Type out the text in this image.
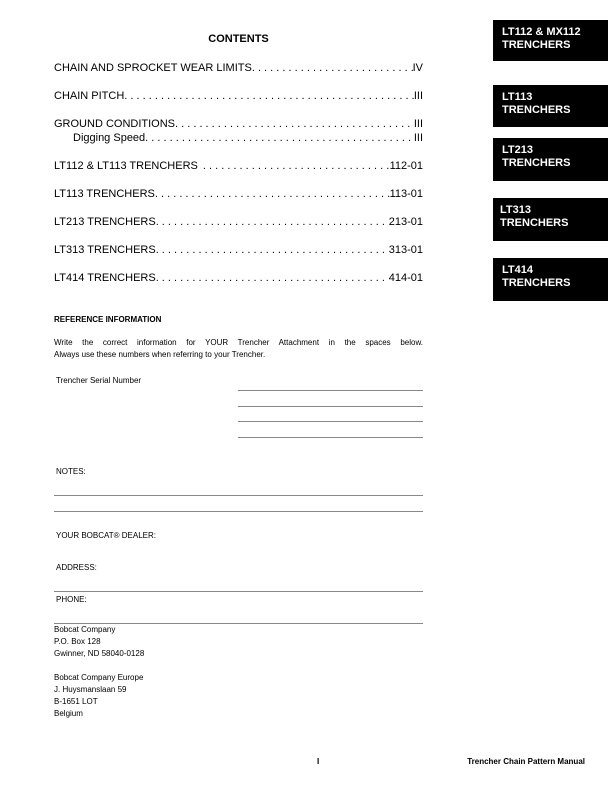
CONTENTS
CHAIN AND SPROCKET WEAR LIMITS . . .	IV
CHAIN PITCH . . .	III
GROUND CONDITIONS . . .	III
Digging Speed . . .	III
LT112 & LT113 TRENCHERS . . .	112-01
LT113 TRENCHERS . . .	113-01
LT213 TRENCHERS . . .	213-01
LT313 TRENCHERS . . .	313-01
LT414 TRENCHERS . . .	414-01
LT112 & MX112
TRENCHERS
LT113
TRENCHERS
LT213
TRENCHERS
LT313
TRENCHERS
LT414
TRENCHERS
REFERENCE INFORMATION
Write the correct information for YOUR Trencher Attachment in the spaces below.
Always use these numbers when referring to your Trencher.
Trencher Serial Number
NOTES:
YOUR BOBCAT® DEALER:
ADDRESS:
PHONE:
Bobcat Company
P.O. Box 128
Gwinner, ND 58040-0128
Bobcat Company Europe
J. Huysmanslaan 59
B-1651 LOT
Belgium
I	Trencher Chain Pattern Manual
